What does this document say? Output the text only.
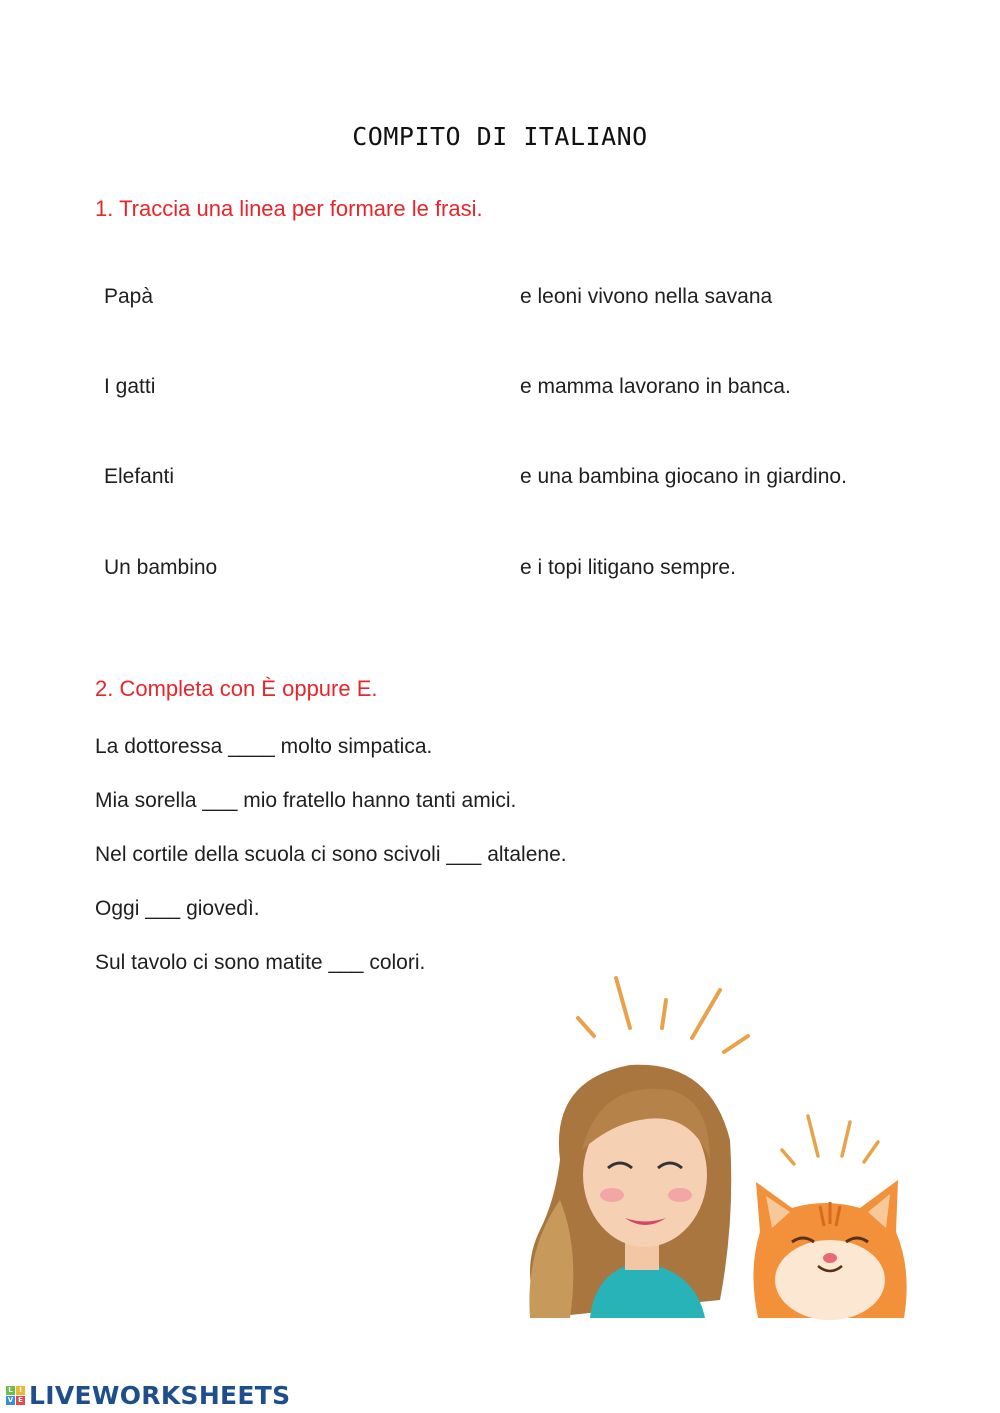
COMPITO DI ITALIANO
1. Traccia una linea per formare le frasi.
Papà
I gatti
Elefanti
Un bambino
e leoni vivono nella savana
e mamma lavorano in banca.
e una bambina giocano in giardino.
e i topi litigano sempre.
2. Completa con È oppure E.
La dottoressa ____ molto simpatica.
Mia sorella ___ mio fratello hanno tanti amici.
Nel cortile della scuola ci sono scivoli ___ altalene.
Oggi ___ giovedì.
Sul tavolo ci sono matite ___ colori.
L I
V E LIVEWORKSHEETS
